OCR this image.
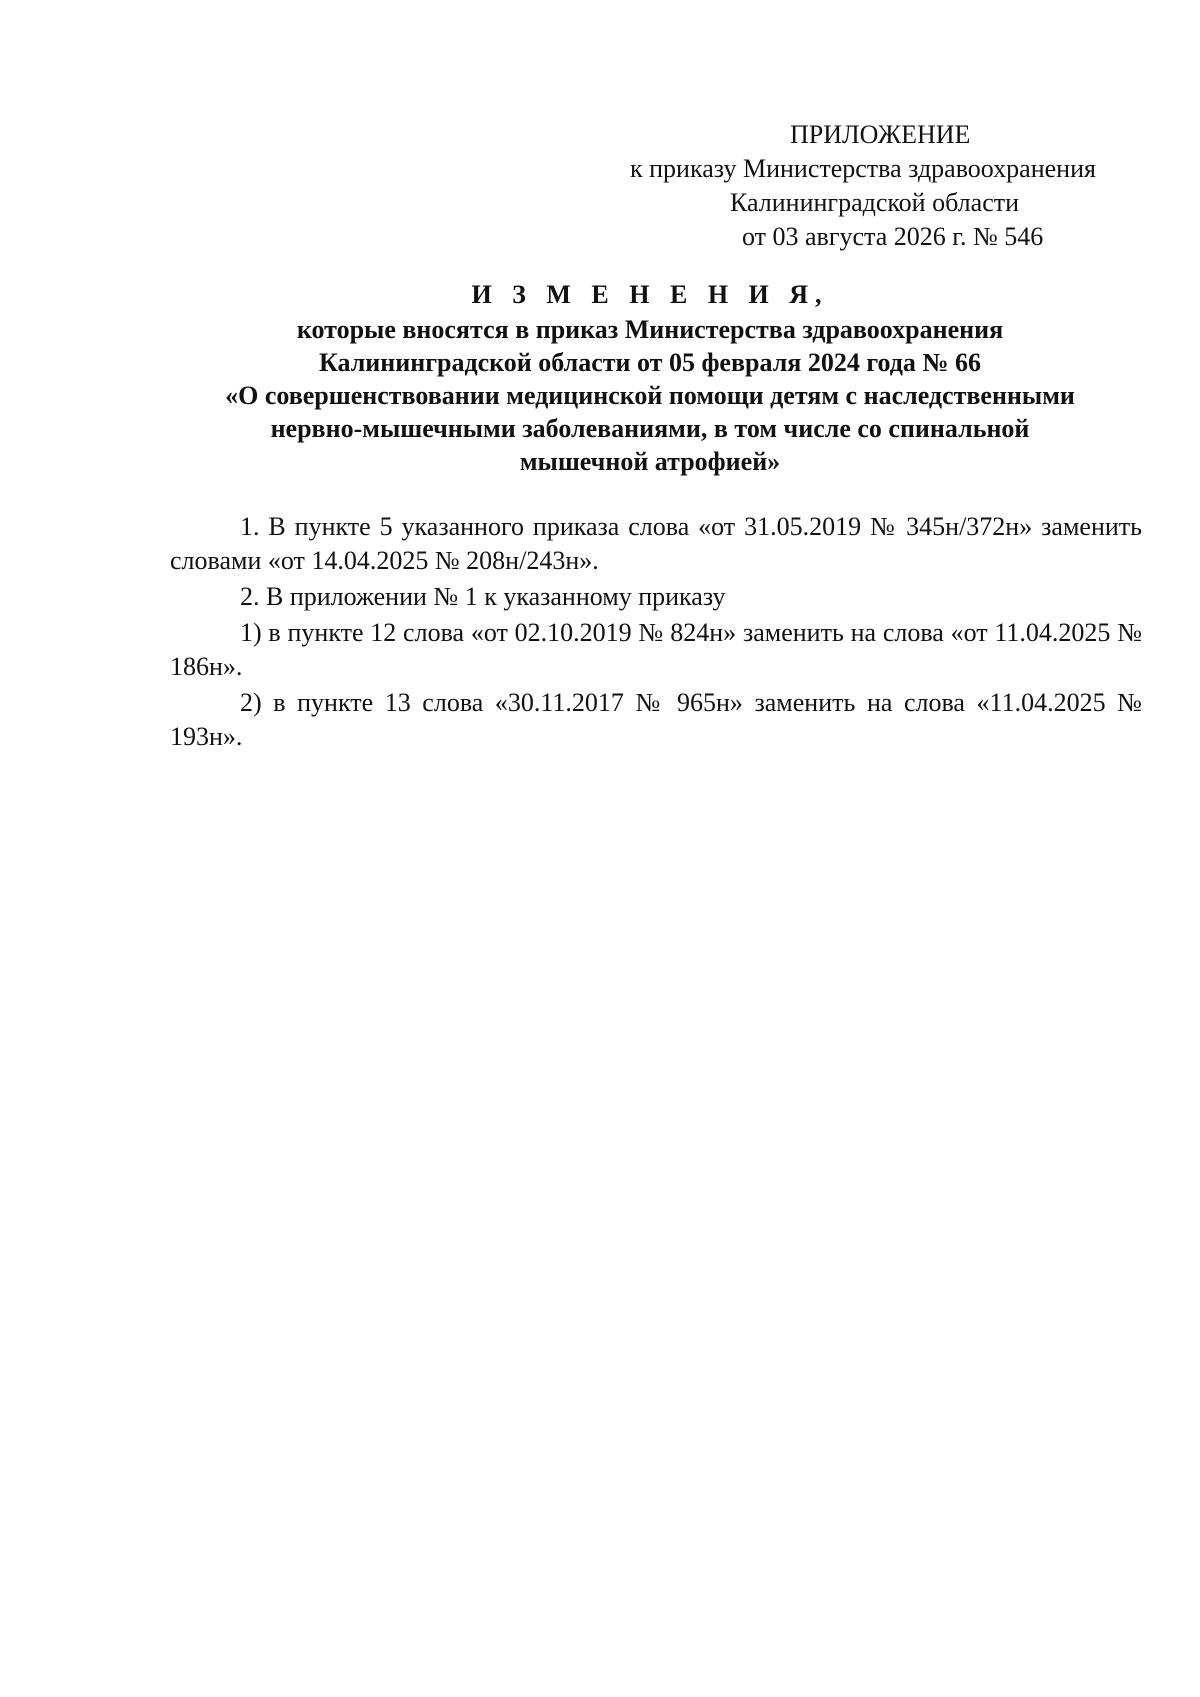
ПРИЛОЖЕНИЕ
к приказу Министерства здравоохранения
Калининградской области
от 03 августа 2026 г. № 546
И З М Е Н Е Н И Я,
которые вносятся в приказ Министерства здравоохранения
Калининградской области от 05 февраля 2024 года № 66
«О совершенствовании медицинской помощи детям с наследственными
нервно-мышечными заболеваниями, в том числе со спинальной
мышечной атрофией»

1. В пункте 5 указанного приказа слова «от 31.05.2019 № 345н/372н» заменить словами «от 14.04.2025 № 208н/243н».

2. В приложении № 1 к указанному приказу

1) в пункте 12 слова «от 02.10.2019 № 824н» заменить на слова «от 11.04.2025 № 186н».

2) в пункте 13 слова «30.11.2017 № 965н» заменить на слова «11.04.2025 № 193н».
